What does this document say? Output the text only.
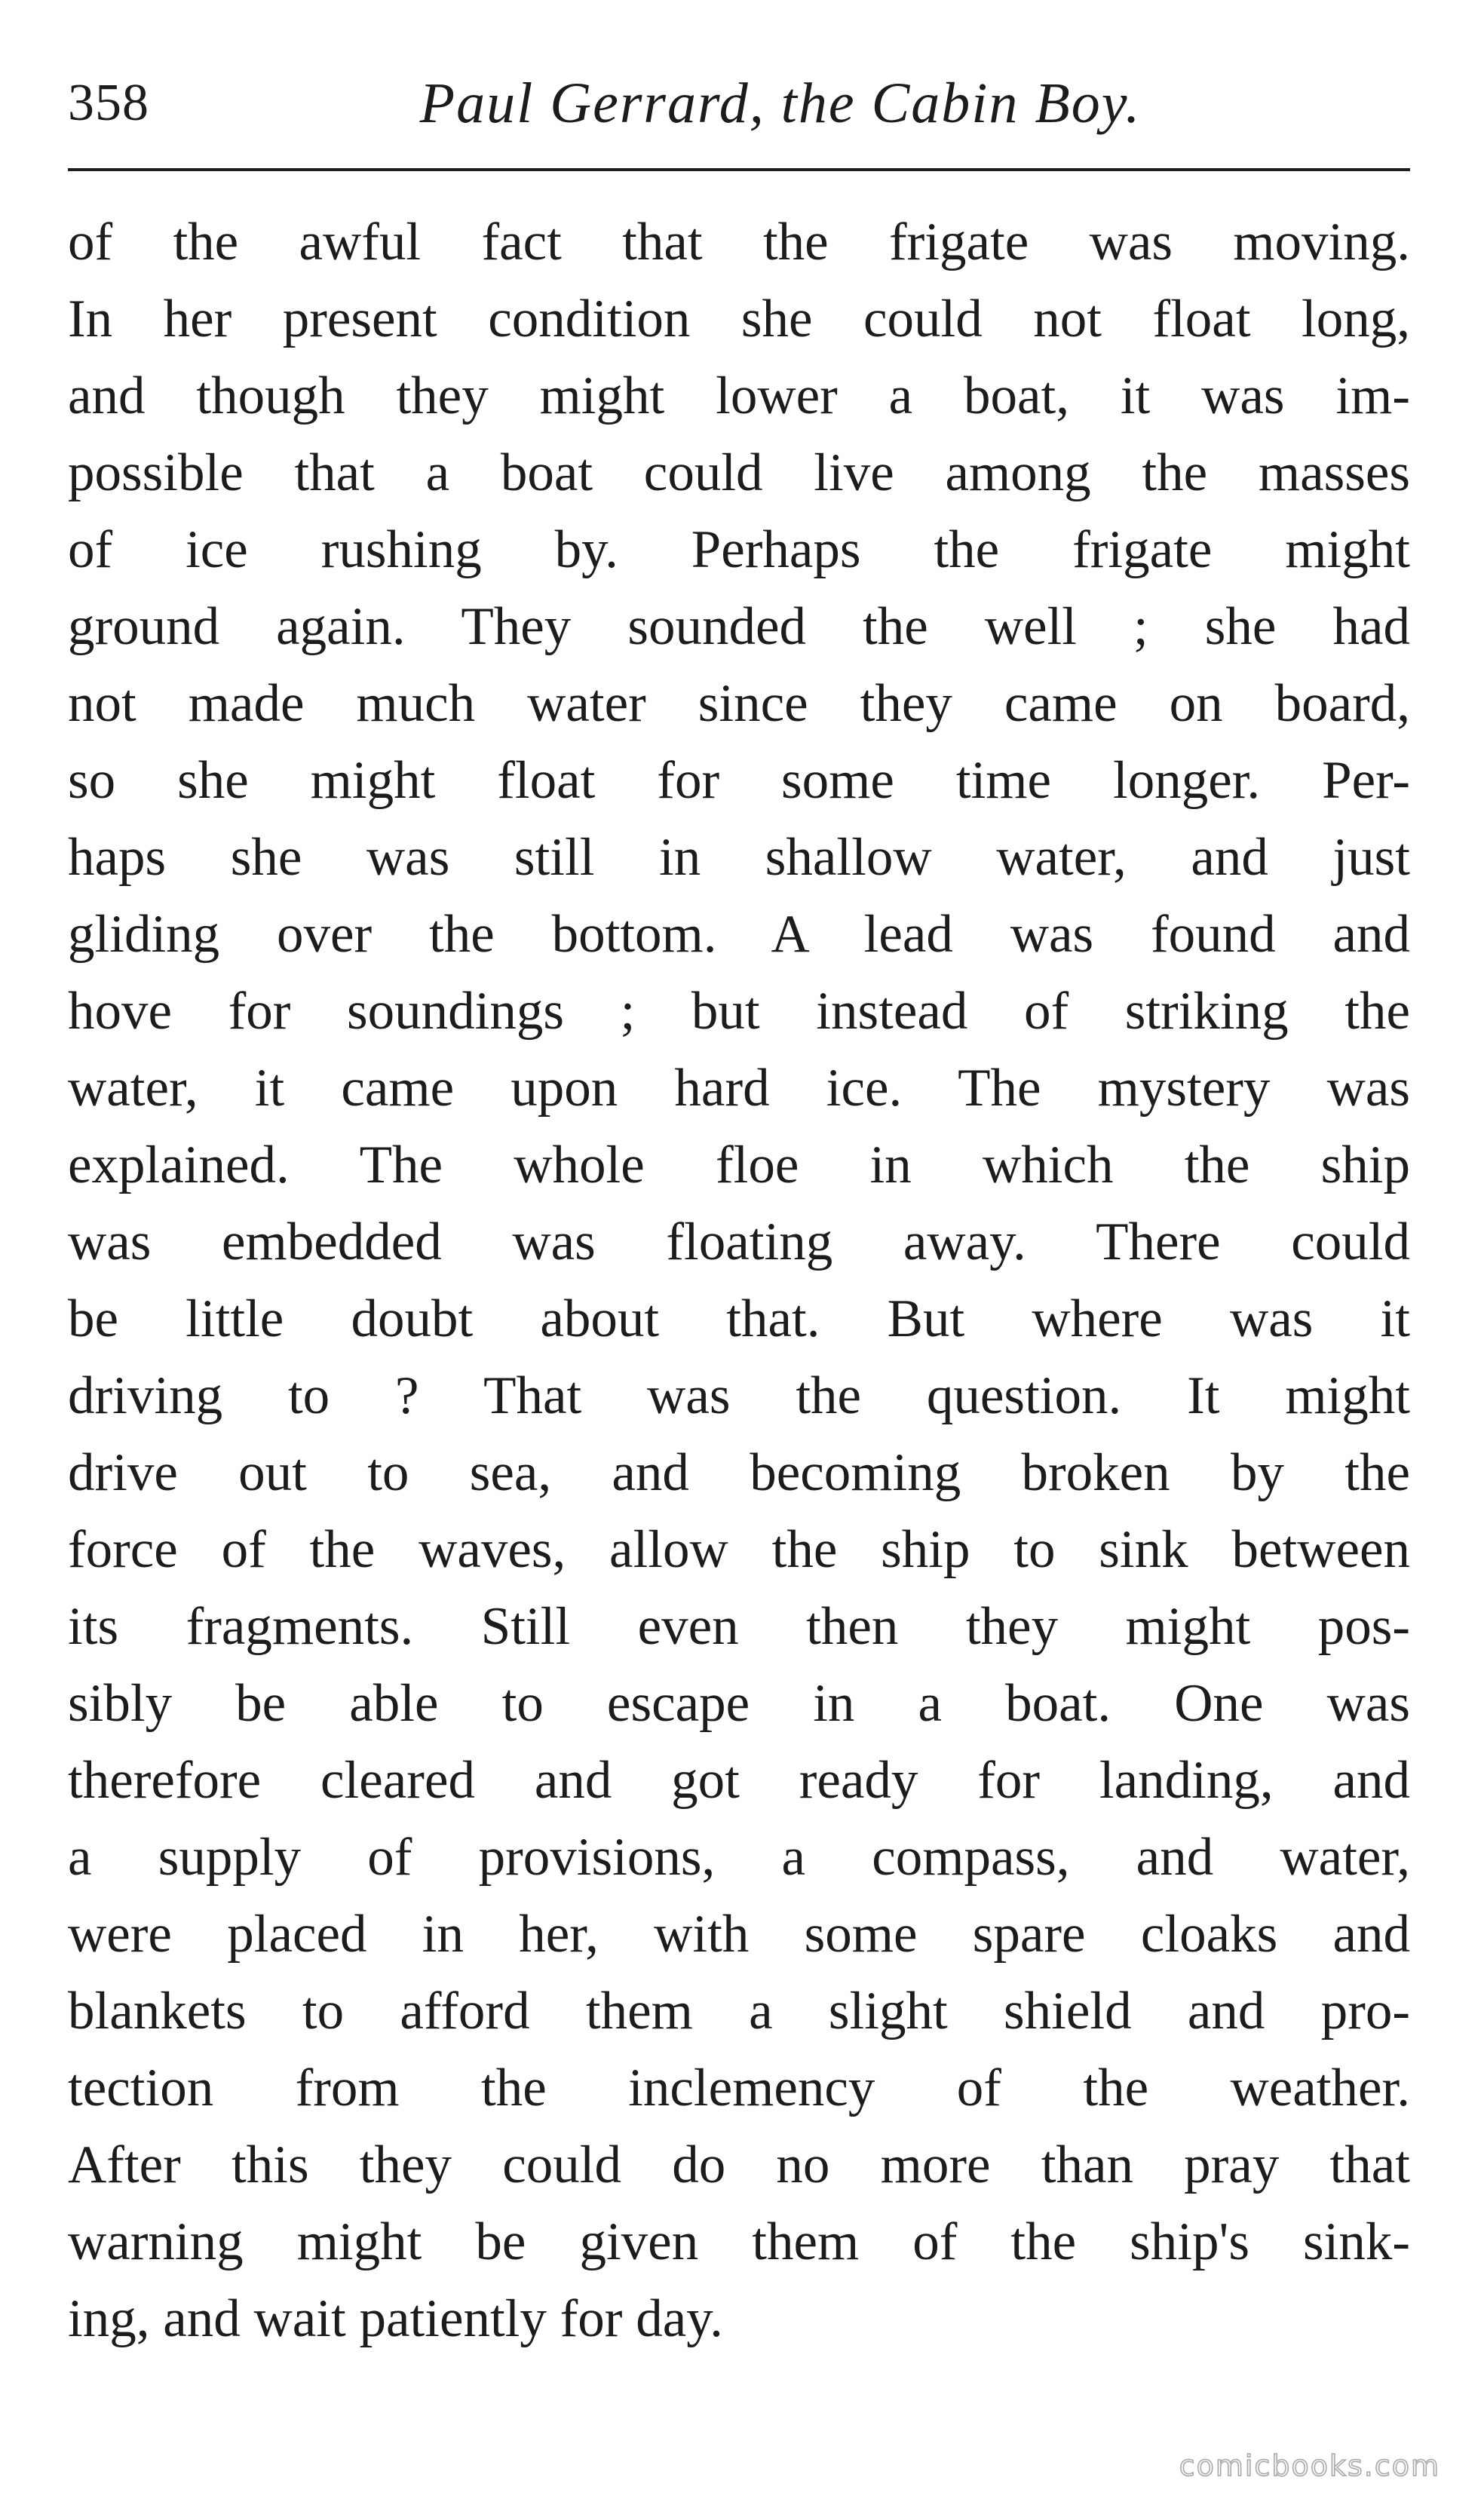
358	Paul Gerrard, the Cabin Boy.
of the awful fact that the frigate was moving.
In her present condition she could not float long,
and though they might lower a boat, it was im-
possible that a boat could live among the masses
of ice rushing by. Perhaps the frigate might
ground again. They sounded the well ; she had
not made much water since they came on board,
so she might float for some time longer. Per-
haps she was still in shallow water, and just
gliding over the bottom. A lead was found and
hove for soundings ; but instead of striking the
water, it came upon hard ice. The mystery was
explained. The whole floe in which the ship
was embedded was floating away. There could
be little doubt about that. But where was it
driving to ? That was the question. It might
drive out to sea, and becoming broken by the
force of the waves, allow the ship to sink between
its fragments. Still even then they might pos-
sibly be able to escape in a boat. One was
therefore cleared and got ready for landing, and
a supply of provisions, a compass, and water,
were placed in her, with some spare cloaks and
blankets to afford them a slight shield and pro-
tection from the inclemency of the weather.
After this they could do no more than pray that
warning might be given them of the ship's sink-
ing, and wait patiently for day.
comicbooks.com
